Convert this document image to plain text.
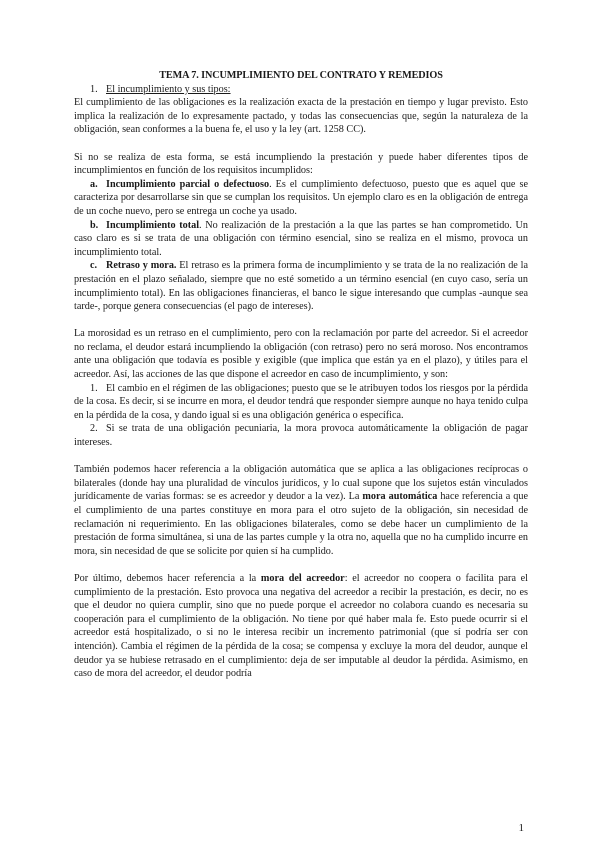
TEMA 7. INCUMPLIMIENTO DEL CONTRATO Y REMEDIOS

1. El incumplimiento y sus tipos:

El cumplimiento de las obligaciones es la realización exacta de la prestación en tiempo y lugar previsto. Esto implica la realización de lo expresamente pactado, y todas las consecuencias que, según la naturaleza de la obligación, sean conformes a la buena fe, el uso y la ley (art. 1258 CC).

Si no se realiza de esta forma, se está incumpliendo la prestación y puede haber diferentes tipos de incumplimientos en función de los requisitos incumplidos:

a. Incumplimiento parcial o defectuoso. Es el cumplimiento defectuoso, puesto que es aquel que se caracteriza por desarrollarse sin que se cumplan los requisitos. Un ejemplo claro es en la obligación de entrega de un coche nuevo, pero se entrega un coche ya usado.

b. Incumplimiento total. No realización de la prestación a la que las partes se han comprometido. Un caso claro es si se trata de una obligación con término esencial, sino se realiza en el mismo, provoca un incumplimiento total.

c. Retraso y mora. El retraso es la primera forma de incumplimiento y se trata de la no realización de la prestación en el plazo señalado, siempre que no esté sometido a un término esencial (en cuyo caso, sería un incumplimiento total). En las obligaciones financieras, el banco le sigue interesando que cumplas -aunque sea tarde-, porque genera consecuencias (el pago de intereses).

La morosidad es un retraso en el cumplimiento, pero con la reclamación por parte del acreedor. Si el acreedor no reclama, el deudor estará incumpliendo la obligación (con retraso) pero no será moroso. Nos encontramos ante una obligación que todavía es posible y exigible (que implica que están ya en el plazo), y útiles para el acreedor. Así, las acciones de las que dispone el acreedor en caso de incumplimiento, y son:

1. El cambio en el régimen de las obligaciones; puesto que se le atribuyen todos los riesgos por la pérdida de la cosa. Es decir, si se incurre en mora, el deudor tendrá que responder siempre aunque no haya tenido culpa en la pérdida de la cosa, y dando igual si es una obligación genérica o específica.

2. Si se trata de una obligación pecuniaria, la mora provoca automáticamente la obligación de pagar intereses.

También podemos hacer referencia a la obligación automática que se aplica a las obligaciones recíprocas o bilaterales (donde hay una pluralidad de vínculos jurídicos, y lo cual supone que los sujetos están vinculados jurídicamente de varias formas: se es acreedor y deudor a la vez). La mora automática hace referencia a que el cumplimiento de una partes constituye en mora para el otro sujeto de la obligación, sin necesidad de reclamación ni requerimiento. En las obligaciones bilaterales, como se debe hacer un cumplimiento de la prestación de forma simultánea, si una de las partes cumple y la otra no, aquella que no ha cumplido incurre en mora, sin necesidad de que se solicite por quien sí ha cumplido.

Por último, debemos hacer referencia a la mora del acreedor: el acreedor no coopera o facilita para el cumplimiento de la prestación. Esto provoca una negativa del acreedor a recibir la prestación, es decir, no es que el deudor no quiera cumplir, sino que no puede porque el acreedor no colabora cuando es necesaria su cooperación para el cumplimiento de la obligación. No tiene por qué haber mala fe. Esto puede ocurrir si el acreedor está hospitalizado, o si no le interesa recibir un incremento patrimonial (que sí podría ser con intención). Cambia el régimen de la pérdida de la cosa; se compensa y excluye la mora del deudor, aunque el deudor ya se hubiese retrasado en el cumplimiento: deja de ser imputable al deudor la pérdida. Asimismo, en caso de mora del acreedor, el deudor podría

1
